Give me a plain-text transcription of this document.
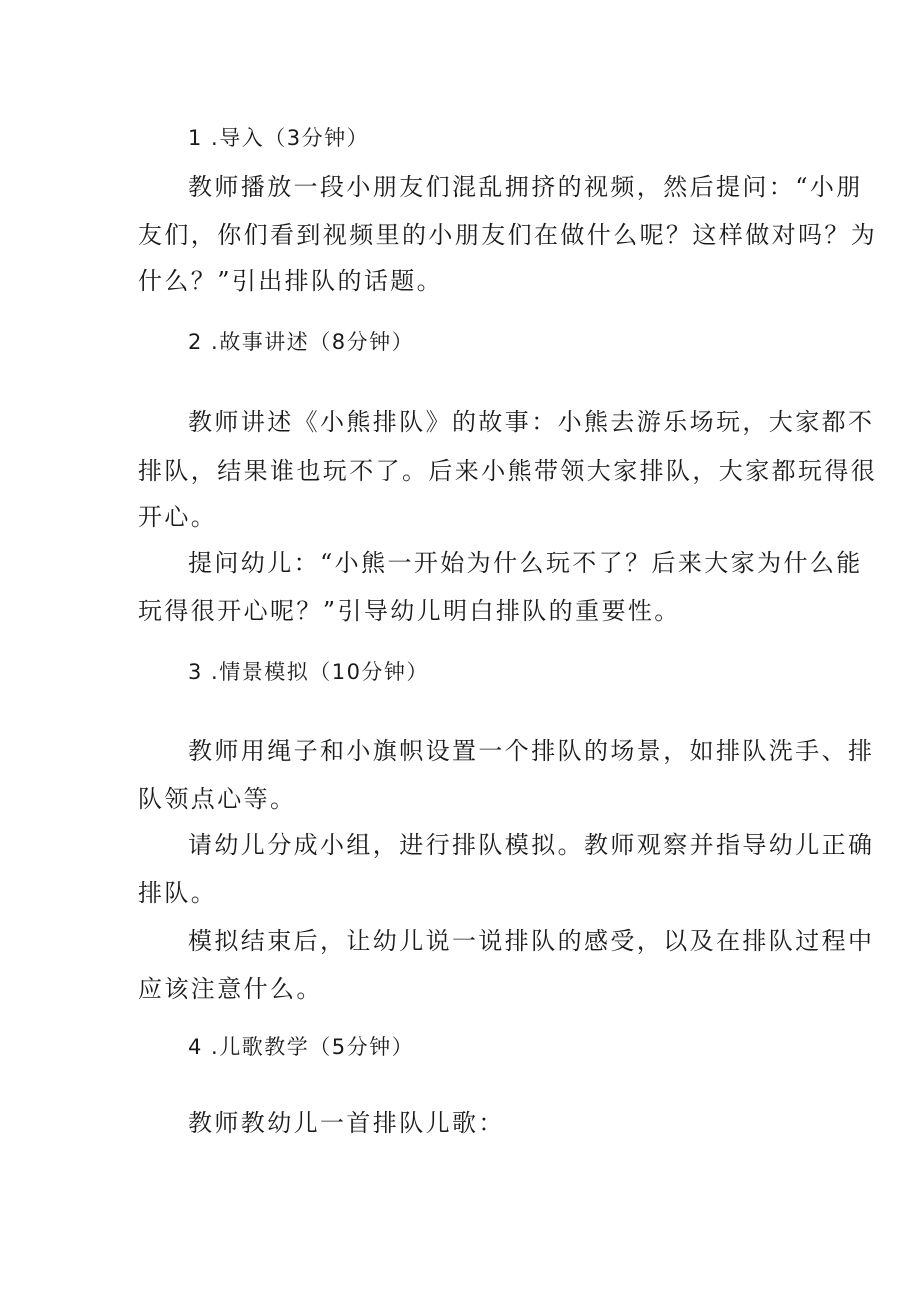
1 .导入（3分钟）
教师播放一段小朋友们混乱拥挤的视频，然后提问：“小朋
友们，你们看到视频里的小朋友们在做什么呢？这样做对吗？为
什么？”引出排队的话题。
2 .故事讲述（8分钟）
教师讲述《小熊排队》的故事：小熊去游乐场玩，大家都不
排队，结果谁也玩不了。后来小熊带领大家排队，大家都玩得很
开心。
提问幼儿：“小熊一开始为什么玩不了？后来大家为什么能
玩得很开心呢？”引导幼儿明白排队的重要性。
3 .情景模拟（10分钟）
教师用绳子和小旗帜设置一个排队的场景，如排队洗手、排
队领点心等。
请幼儿分成小组，进行排队模拟。教师观察并指导幼儿正确
排队。
模拟结束后，让幼儿说一说排队的感受，以及在排队过程中
应该注意什么。
4 .儿歌教学（5分钟）
教师教幼儿一首排队儿歌：
